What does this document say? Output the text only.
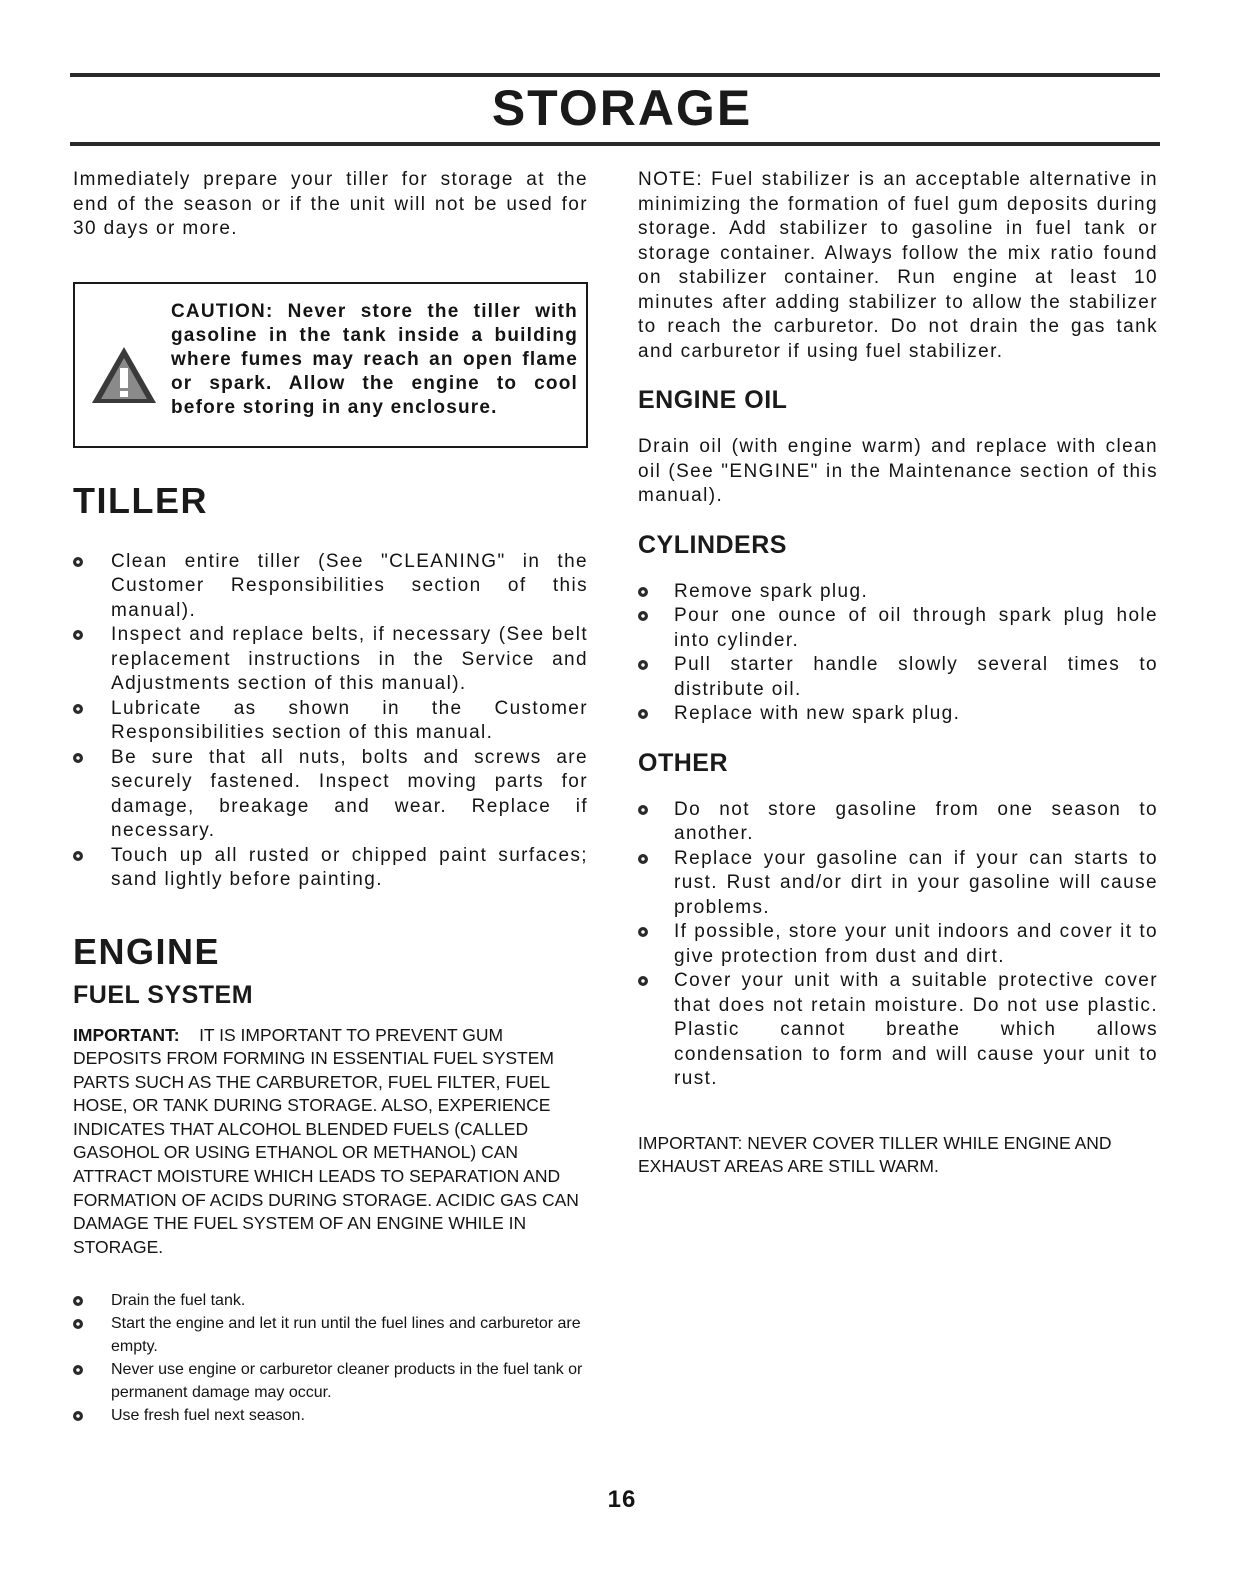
STORAGE

Immediately prepare your tiller for storage at the end of the season or if the unit will not be used for 30 days or more.

CAUTION: Never store the tiller with gasoline in the tank inside a building where fumes may reach an open flame or spark. Allow the engine to cool before storing in any enclosure.

TILLER
Clean entire tiller (See "CLEANING" in the Customer Responsibilities section of this manual).
Inspect and replace belts, if necessary (See belt replacement instructions in the Service and Adjustments section of this manual).
Lubricate as shown in the Customer Responsibilities section of this manual.
Be sure that all nuts, bolts and screws are securely fastened. Inspect moving parts for damage, breakage and wear. Replace if necessary.
Touch up all rusted or chipped paint surfaces; sand lightly before painting.
ENGINE
FUEL SYSTEM

IMPORTANT: IT IS IMPORTANT TO PREVENT GUM DEPOSITS FROM FORMING IN ESSENTIAL FUEL SYSTEM PARTS SUCH AS THE CARBURETOR, FUEL FILTER, FUEL HOSE, OR TANK DURING STORAGE. ALSO, EXPERIENCE INDICATES THAT ALCOHOL BLENDED FUELS (CALLED GASOHOL OR USING ETHANOL OR METHANOL) CAN ATTRACT MOISTURE WHICH LEADS TO SEPARATION AND FORMATION OF ACIDS DURING STORAGE. ACIDIC GAS CAN DAMAGE THE FUEL SYSTEM OF AN ENGINE WHILE IN STORAGE.

Drain the fuel tank.
Start the engine and let it run until the fuel lines and carburetor are empty.
Never use engine or carburetor cleaner products in the fuel tank or permanent damage may occur.
Use fresh fuel next season.

NOTE: Fuel stabilizer is an acceptable alternative in minimizing the formation of fuel gum deposits during storage. Add stabilizer to gasoline in fuel tank or storage container. Always follow the mix ratio found on stabilizer container. Run engine at least 10 minutes after adding stabilizer to allow the stabilizer to reach the carburetor. Do not drain the gas tank and carburetor if using fuel stabilizer.

ENGINE OIL

Drain oil (with engine warm) and replace with clean oil (See "ENGINE" in the Maintenance section of this manual).

CYLINDERS
Remove spark plug.
Pour one ounce of oil through spark plug hole into cylinder.
Pull starter handle slowly several times to distribute oil.
Replace with new spark plug.
OTHER
Do not store gasoline from one season to another.
Replace your gasoline can if your can starts to rust. Rust and/or dirt in your gasoline will cause problems.
If possible, store your unit indoors and cover it to give protection from dust and dirt.
Cover your unit with a suitable protective cover that does not retain moisture. Do not use plastic. Plastic cannot breathe which allows condensation to form and will cause your unit to rust.

IMPORTANT: NEVER COVER TILLER WHILE ENGINE AND EXHAUST AREAS ARE STILL WARM.

16
